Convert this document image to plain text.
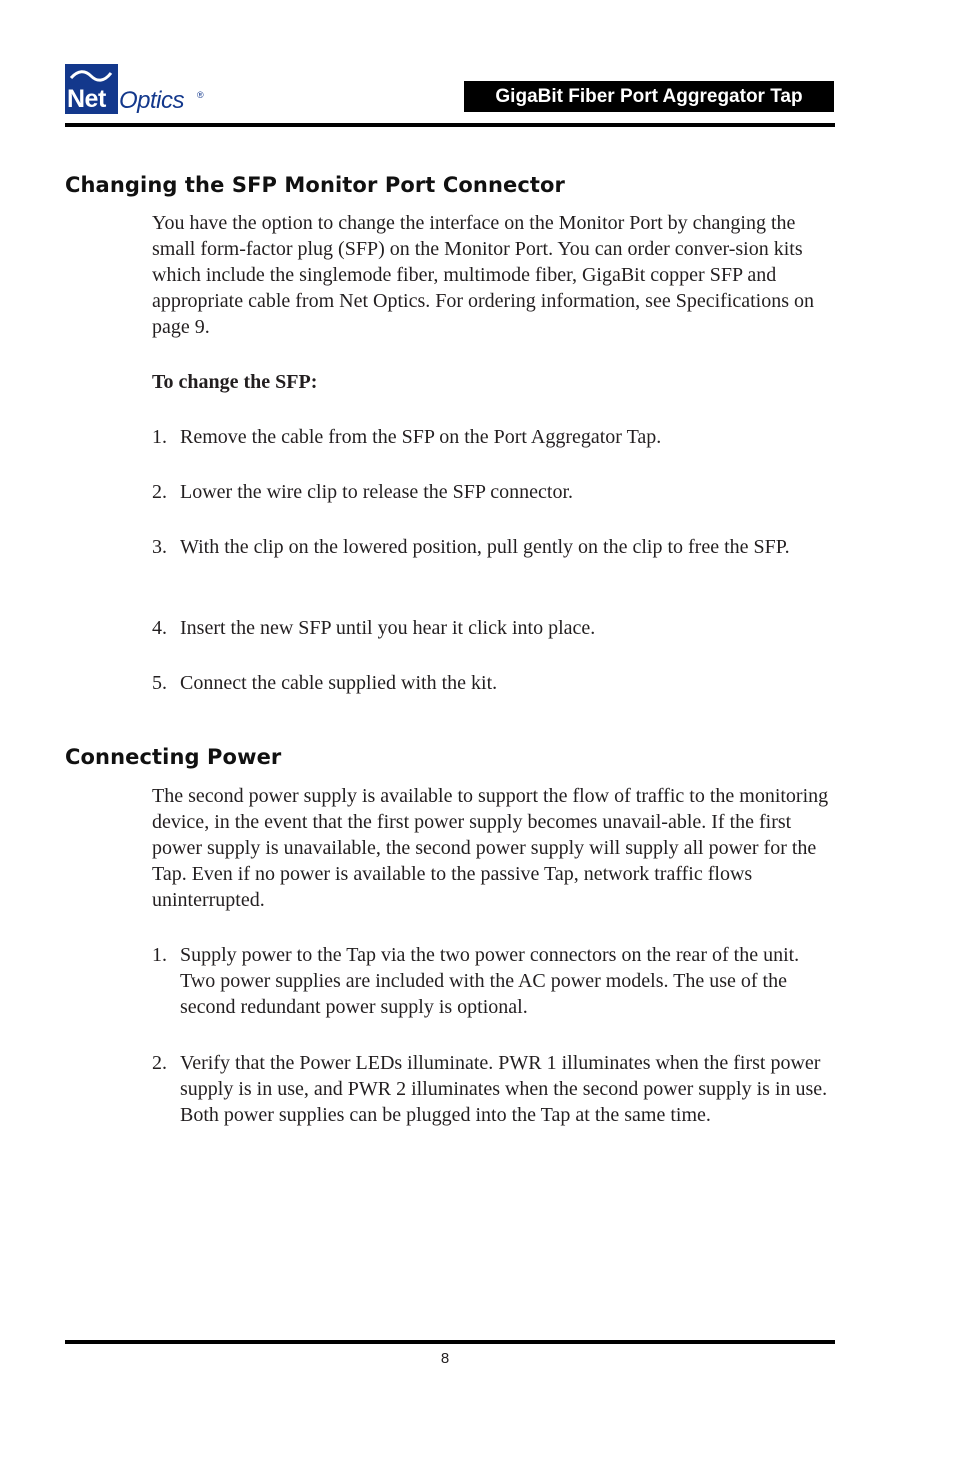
Net Optics ®	GigaBit Fiber Port Aggregator Tap
Changing the SFP Monitor Port Connector

You have the option to change the interface on the Monitor Port by changing the small form-factor plug (SFP) on the Monitor Port. You can order conver-sion kits which include the singlemode fiber, multimode fiber, GigaBit copper SFP and appropriate cable from Net Optics. For ordering information, see Specifications on page 9.

To change the SFP:

1. Remove the cable from the SFP on the Port Aggregator Tap.
2. Lower the wire clip to release the SFP connector.
3. With the clip on the lowered position, pull gently on the clip to free the SFP.
4. Insert the new SFP until you hear it click into place.
5. Connect the cable supplied with the kit.
Connecting Power

The second power supply is available to support the flow of traffic to the monitoring device, in the event that the first power supply becomes unavail-able. If the first power supply is unavailable, the second power supply will supply all power for the Tap. Even if no power is available to the passive Tap, network traffic flows uninterrupted.

1. Supply power to the Tap via the two power connectors on the rear of the unit. Two power supplies are included with the AC power models. The use of the second redundant power supply is optional.
2. Verify that the Power LEDs illuminate. PWR 1 illuminates when the first power supply is in use, and PWR 2 illuminates when the second power supply is in use. Both power supplies can be plugged into the Tap at the same time.
8
